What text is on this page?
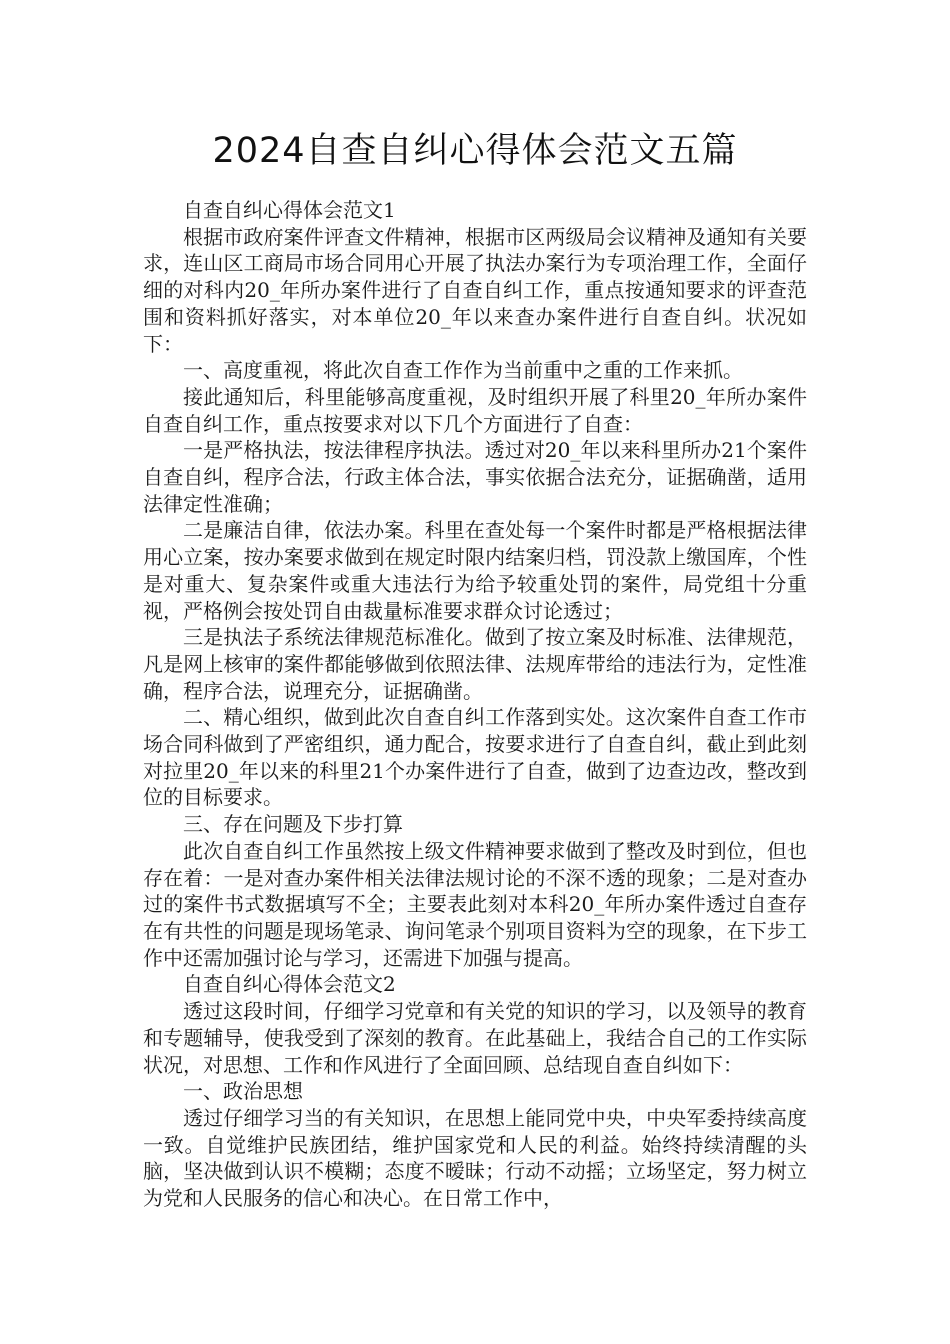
2024自查自纠心得体会范文五篇

自查自纠心得体会范文1

根据市政府案件评查文件精神，根据市区两级局会议精神及通知有关要求，连山区工商局市场合同用心开展了执法办案行为专项治理工作，全面仔细的对科内20_年所办案件进行了自查自纠工作，重点按通知要求的评查范围和资料抓好落实，对本单位20_年以来查办案件进行自查自纠。状况如下：

一、高度重视，将此次自查工作作为当前重中之重的工作来抓。

接此通知后，科里能够高度重视，及时组织开展了科里20_年所办案件自查自纠工作，重点按要求对以下几个方面进行了自查：

一是严格执法，按法律程序执法。透过对20_年以来科里所办21个案件自查自纠，程序合法，行政主体合法，事实依据合法充分，证据确凿，适用法律定性准确；

二是廉洁自律，依法办案。科里在查处每一个案件时都是严格根据法律用心立案，按办案要求做到在规定时限内结案归档，罚没款上缴国库，个性是对重大、复杂案件或重大违法行为给予较重处罚的案件，局党组十分重视，严格例会按处罚自由裁量标准要求群众讨论透过；

三是执法子系统法律规范标准化。做到了按立案及时标准、法律规范，凡是网上核审的案件都能够做到依照法律、法规库带给的违法行为，定性准确，程序合法，说理充分，证据确凿。

二、精心组织，做到此次自查自纠工作落到实处。这次案件自查工作市场合同科做到了严密组织，通力配合，按要求进行了自查自纠，截止到此刻对拉里20_年以来的科里21个办案件进行了自查，做到了边查边改，整改到位的目标要求。

三、存在问题及下步打算

此次自查自纠工作虽然按上级文件精神要求做到了整改及时到位，但也存在着：一是对查办案件相关法律法规讨论的不深不透的现象；二是对查办过的案件书式数据填写不全；主要表此刻对本科20_年所办案件透过自查存在有共性的问题是现场笔录、询问笔录个别项目资料为空的现象，在下步工作中还需加强讨论与学习，还需进下加强与提高。

自查自纠心得体会范文2

透过这段时间，仔细学习党章和有关党的知识的学习，以及领导的教育和专题辅导，使我受到了深刻的教育。在此基础上，我结合自己的工作实际状况，对思想、工作和作风进行了全面回顾、总结现自查自纠如下：

一、政治思想

透过仔细学习当的有关知识，在思想上能同党中央，中央军委持续高度一致。自觉维护民族团结，维护国家党和人民的利益。始终持续清醒的头脑，坚决做到认识不模糊；态度不暧昧；行动不动摇；立场坚定，努力树立为党和人民服务的信心和决心。在日常工作中，
